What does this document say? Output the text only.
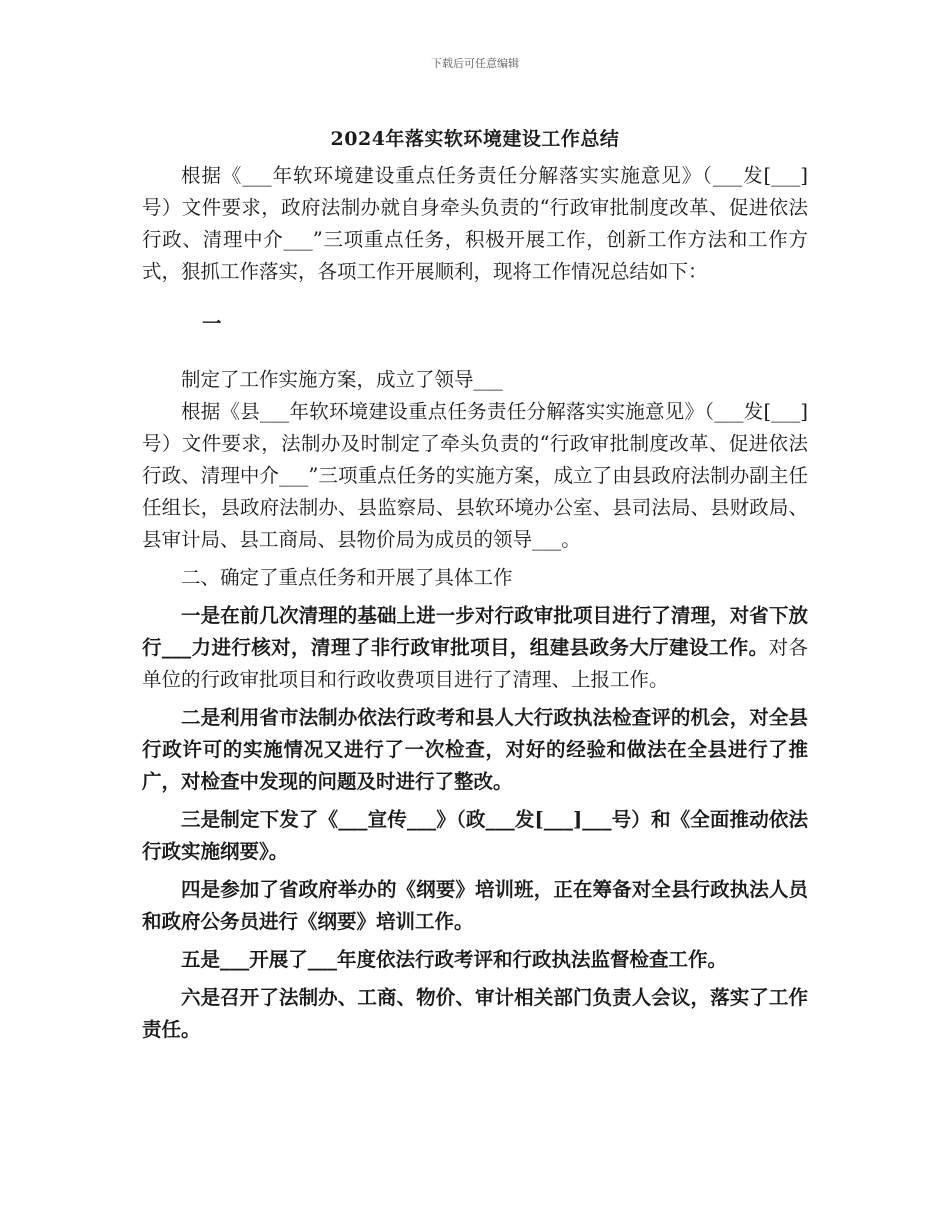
下载后可任意编辑
2024年落实软环境建设工作总结

根据《___年软环境建设重点任务责任分解落实实施意见》（___发[___]号）文件要求，政府法制办就自身牵头负责的“行政审批制度改革、促进依法行政、清理中介___”三项重点任务，积极开展工作，创新工作方法和工作方式，狠抓工作落实，各项工作开展顺利，现将工作情况总结如下：

一

制定了工作实施方案，成立了领导___

根据《县___年软环境建设重点任务责任分解落实实施意见》（___发[___]号）文件要求，法制办及时制定了牵头负责的“行政审批制度改革、促进依法行政、清理中介___”三项重点任务的实施方案，成立了由县政府法制办副主任任组长，县政府法制办、县监察局、县软环境办公室、县司法局、县财政局、县审计局、县工商局、县物价局为成员的领导___。

二、确定了重点任务和开展了具体工作

一是在前几次清理的基础上进一步对行政审批项目进行了清理，对省下放行___力进行核对，清理了非行政审批项目，组建县政务大厅建设工作。对各单位的行政审批项目和行政收费项目进行了清理、上报工作。

二是利用省市法制办依法行政考和县人大行政执法检查评的机会，对全县行政许可的实施情况又进行了一次检查，对好的经验和做法在全县进行了推广，对检查中发现的问题及时进行了整改。

三是制定下发了《___宣传___》（政___发[___]___号）和《全面推动依法行政实施纲要》。

四是参加了省政府举办的《纲要》培训班，正在筹备对全县行政执法人员和政府公务员进行《纲要》培训工作。

五是___开展了___年度依法行政考评和行政执法监督检查工作。

六是召开了法制办、工商、物价、审计相关部门负责人会议，落实了工作责任。
